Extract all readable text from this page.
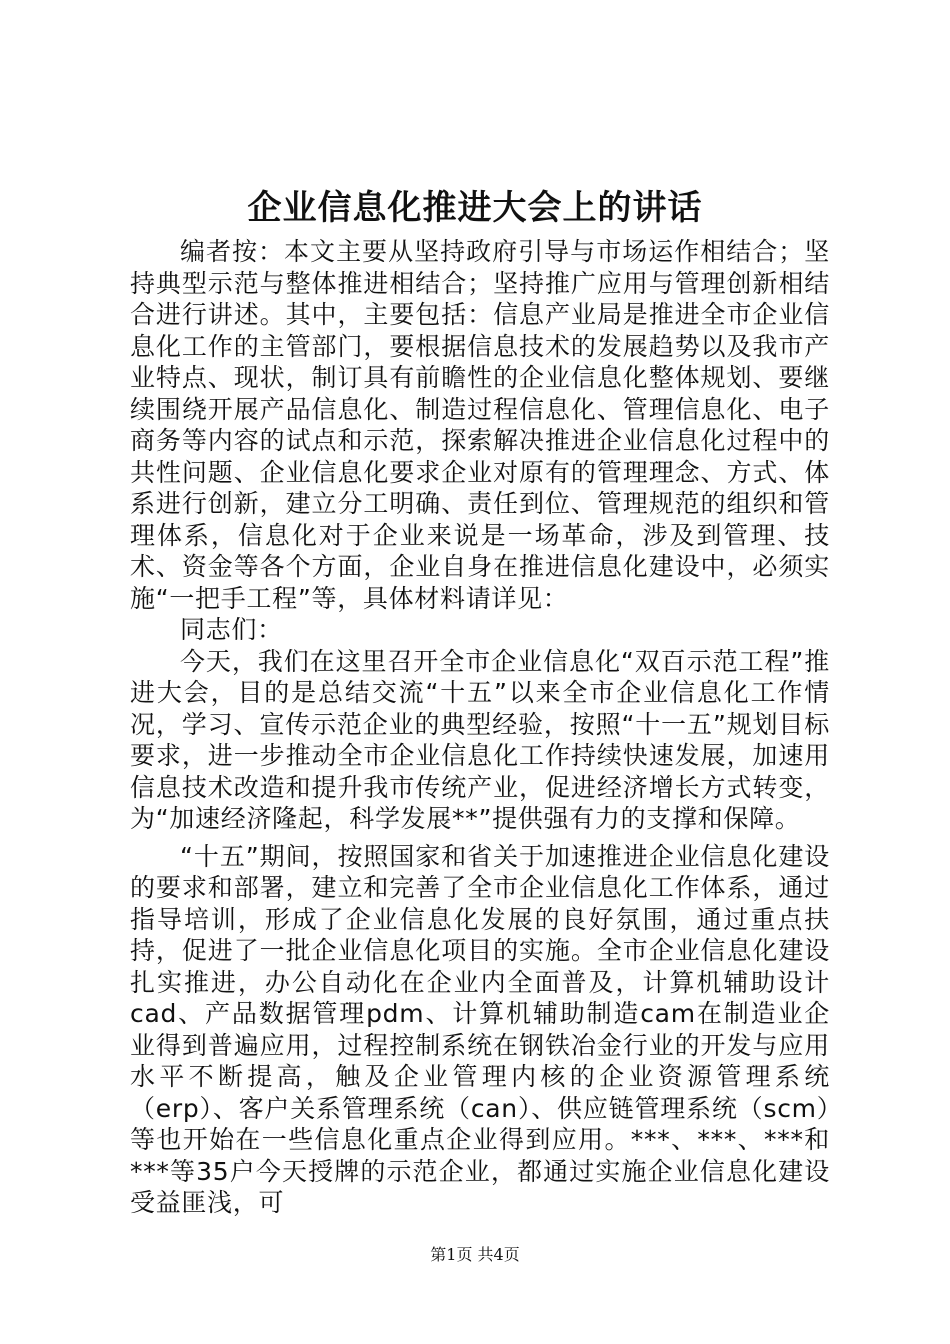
企业信息化推进大会上的讲话

编者按：本文主要从坚持政府引导与市场运作相结合；坚持典型示范与整体推进相结合；坚持推广应用与管理创新相结合进行讲述。其中，主要包括：信息产业局是推进全市企业信息化工作的主管部门，要根据信息技术的发展趋势以及我市产业特点、现状，制订具有前瞻性的企业信息化整体规划、要继续围绕开展产品信息化、制造过程信息化、管理信息化、电子商务等内容的试点和示范，探索解决推进企业信息化过程中的共性问题、企业信息化要求企业对原有的管理理念、方式、体系进行创新，建立分工明确、责任到位、管理规范的组织和管理体系，信息化对于企业来说是一场革命，涉及到管理、技术、资金等各个方面，企业自身在推进信息化建设中，必须实施“一把手工程”等，具体材料请详见：

同志们：

今天，我们在这里召开全市企业信息化“双百示范工程”推进大会，目的是总结交流“十五”以来全市企业信息化工作情况，学习、宣传示范企业的典型经验，按照“十一五”规划目标要求，进一步推动全市企业信息化工作持续快速发展，加速用信息技术改造和提升我市传统产业，促进经济增长方式转变，为“加速经济隆起，科学发展**”提供强有力的支撑和保障。

“十五”期间，按照国家和省关于加速推进企业信息化建设的要求和部署，建立和完善了全市企业信息化工作体系，通过指导培训，形成了企业信息化发展的良好氛围，通过重点扶持，促进了一批企业信息化项目的实施。全市企业信息化建设扎实推进，办公自动化在企业内全面普及，计算机辅助设计cad、产品数据管理pdm、计算机辅助制造cam在制造业企业得到普遍应用，过程控制系统在钢铁冶金行业的开发与应用水平不断提高，触及企业管理内核的企业资源管理系统（erp）、客户关系管理系统（can）、供应链管理系统（scm）等也开始在一些信息化重点企业得到应用。***、***、***和***等35户今天授牌的示范企业，都通过实施企业信息化建设受益匪浅，可

第1页 共4页
